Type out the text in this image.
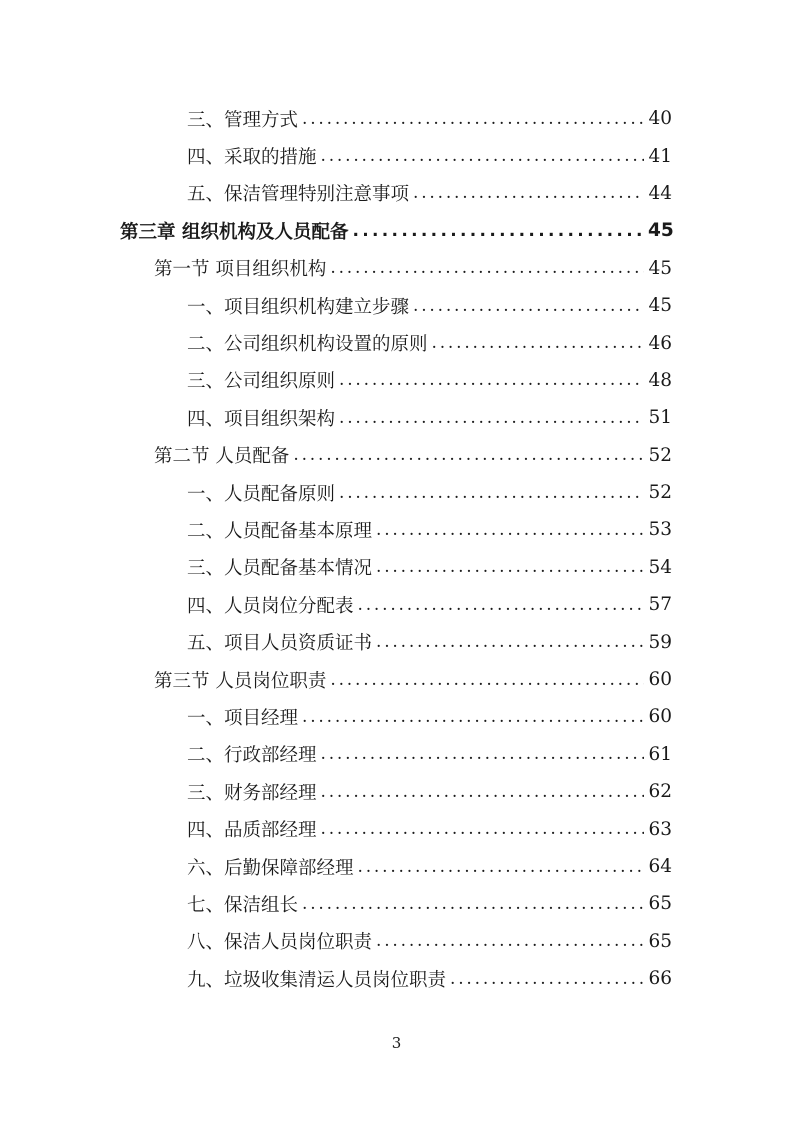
三、管理方式 . . .	40
四、采取的措施 . . .	41
五、保洁管理特别注意事项 . . .	44
第三章 组织机构及人员配备 . . .	45
第一节 项目组织机构 . . .	45
一、项目组织机构建立步骤 . . .	45
二、公司组织机构设置的原则 . . .	46
三、公司组织原则 . . .	48
四、项目组织架构 . . .	51
第二节 人员配备 . . .	52
一、人员配备原则 . . .	52
二、人员配备基本原理 . . .	53
三、人员配备基本情况 . . .	54
四、人员岗位分配表 . . .	57
五、项目人员资质证书 . . .	59
第三节 人员岗位职责 . . .	60
一、项目经理 . . .	60
二、行政部经理 . . .	61
三、财务部经理 . . .	62
四、品质部经理 . . .	63
六、后勤保障部经理 . . .	64
七、保洁组长 . . .	65
八、保洁人员岗位职责 . . .	65
九、垃圾收集清运人员岗位职责 . . .	66
3
